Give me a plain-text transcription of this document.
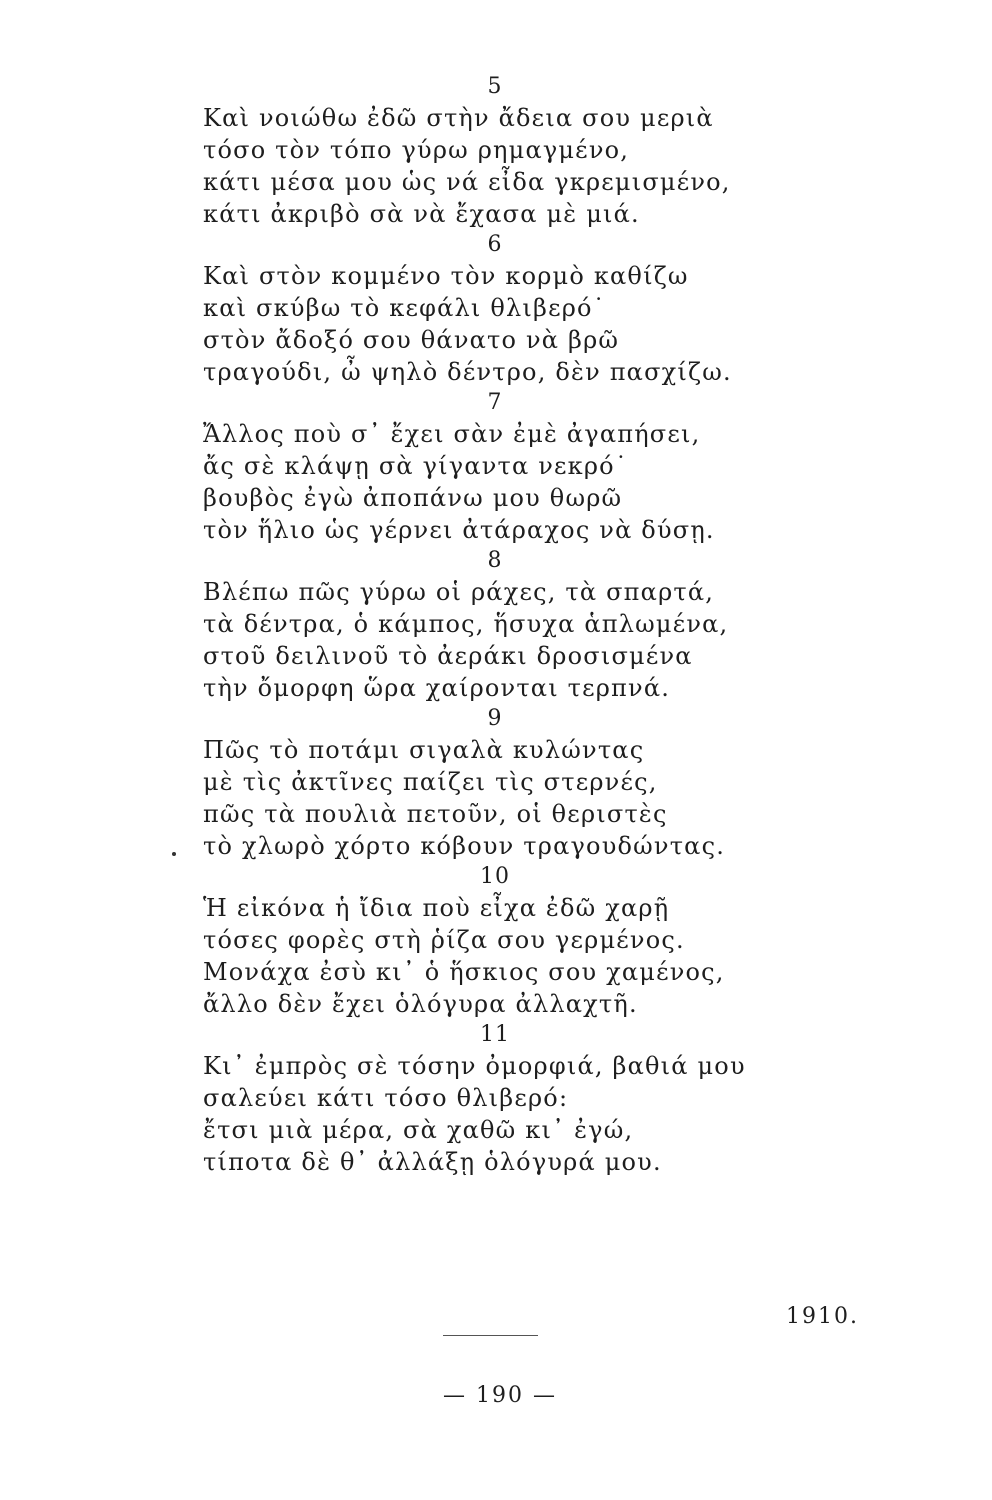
5
Καὶ νοιώθω ἐδῶ στὴν ἄδεια σου μεριὰ
τόσο τὸν τόπο γύρω ρημαγμένο,
κάτι μέσα μου ὡς νά εἶδα γκρεμισμένο,
κάτι ἀκριβὸ σὰ νὰ ἔχασα μὲ μιά.
6
Καὶ στὸν κομμένο τὸν κορμὸ καθίζω
καὶ σκύβω τὸ κεφάλι θλιβερό˙
στὸν ἄδοξό σου θάνατο νὰ βρῶ
τραγούδι, ὦ ψηλὸ δέντρο, δὲν πασχίζω.
7
Ἄλλος ποὺ σ᾽ ἔχει σὰν ἐμὲ ἀγαπήσει,
ἄς σὲ κλάψῃ σὰ γίγαντα νεκρό˙
βουβὸς ἐγὼ ἀποπάνω μου θωρῶ
τὸν ἥλιο ὡς γέρνει ἀτάραχος νὰ δύσῃ.
8
Βλέπω πῶς γύρω οἱ ράχες, τὰ σπαρτά,
τὰ δέντρα, ὁ κάμπος, ἥσυχα ἁπλωμένα,
στοῦ δειλινοῦ τὸ ἀεράκι δροσισμένα
τὴν ὄμορφη ὥρα χαίρονται τερπνά.
9
Πῶς τὸ ποτάμι σιγαλὰ κυλώντας
μὲ τὶς ἀκτῖνες παίζει τὶς στερνές,
πῶς τὰ πουλιὰ πετοῦν, οἱ θεριστὲς
τὸ χλωρὸ χόρτο κόβουν τραγουδώντας.
10
Ἡ εἰκόνα ἡ ἴδια ποὺ εἶχα ἐδῶ χαρῇ
τόσες φορὲς στὴ ῥίζα σου γερμένος.
Μονάχα ἐσὺ κι᾽ ὁ ἥσκιος σου χαμένος,
ἄλλο δὲν ἔχει ὁλόγυρα ἀλλαχτῆ.
11
Κι᾽ ἐμπρὸς σὲ τόσην ὀμορφιά, βαθιά μου
σαλεύει κάτι τόσο θλιβερό:
ἔτσι μιὰ μέρα, σὰ χαθῶ κι᾽ ἐγώ,
τίποτα δὲ θ᾽ ἀλλάξῃ ὁλόγυρά μου.
1910.
— 190 —
